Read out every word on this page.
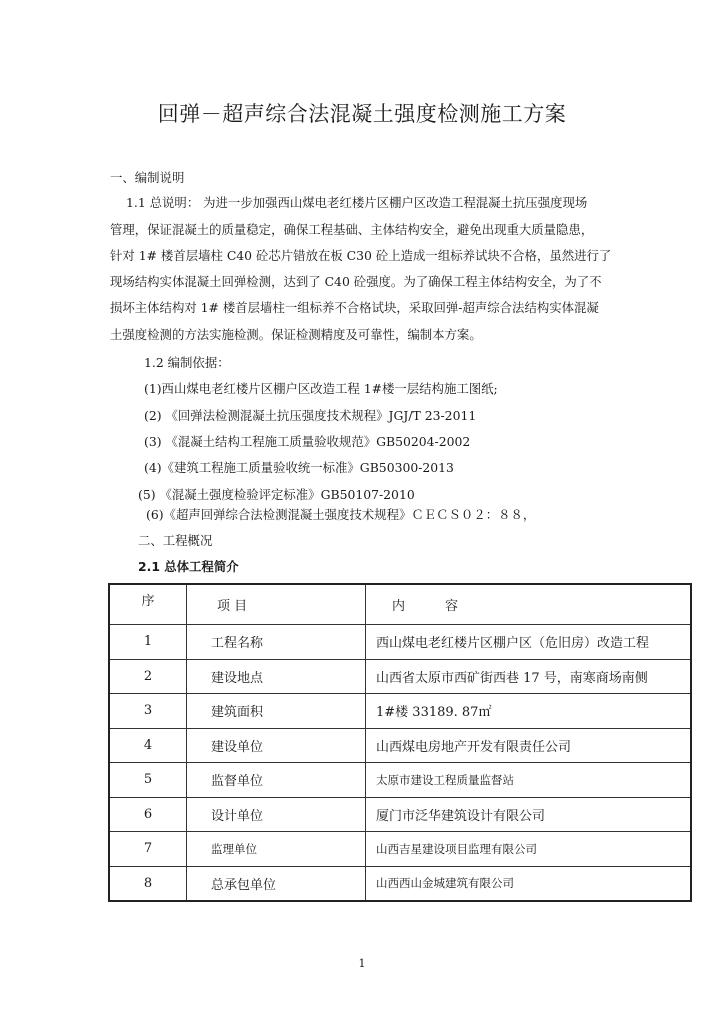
回弹－超声综合法混凝土强度检测施工方案
一、编制说明
1.1 总说明： 为进一步加强西山煤电老红楼片区棚户区改造工程混凝土抗压强度现场
管理，保证混凝土的质量稳定，确保工程基础、主体结构安全，避免出现重大质量隐患，
针对 1# 楼首层墙柱 C40 砼芯片错放在板 C30 砼上造成一组标养试块不合格，虽然进行了
现场结构实体混凝土回弹检测，达到了 C40 砼强度。为了确保工程主体结构安全，为了不
损坏主体结构对 1# 楼首层墙柱一组标养不合格试块，采取回弹-超声综合法结构实体混凝
土强度检测的方法实施检测。保证检测精度及可靠性，编制本方案。
1.2 编制依据：
(1)西山煤电老红楼片区棚户区改造工程 1#楼一层结构施工图纸;
(2) 《回弹法检测混凝土抗压强度技术规程》JGJ/T 23-2011
(3) 《混凝土结构工程施工质量验收规范》GB50204-2002
(4)《建筑工程施工质量验收统一标准》GB50300-2013
(5) 《混凝土强度检验评定标准》GB50107-2010
(6)《超声回弹综合法检测混凝土强度技术规程》ＣＥＣＳ０２：８８，
二、工程概况
2.1 总体工程简介
序	项 目	内容
1	工程名称	西山煤电老红楼片区棚户区（危旧房）改造工程
2	建设地点	山西省太原市西矿街西巷 17 号，南寒商场南侧
3	建筑面积	1#楼 33189. 87㎡
4	建设单位	山西煤电房地产开发有限责任公司
5	监督单位	太原市建设工程质量监督站
6	设计单位	厦门市泛华建筑设计有限公司
7	监理单位	山西吉星建设项目监理有限公司
8	总承包单位	山西西山金城建筑有限公司
1
